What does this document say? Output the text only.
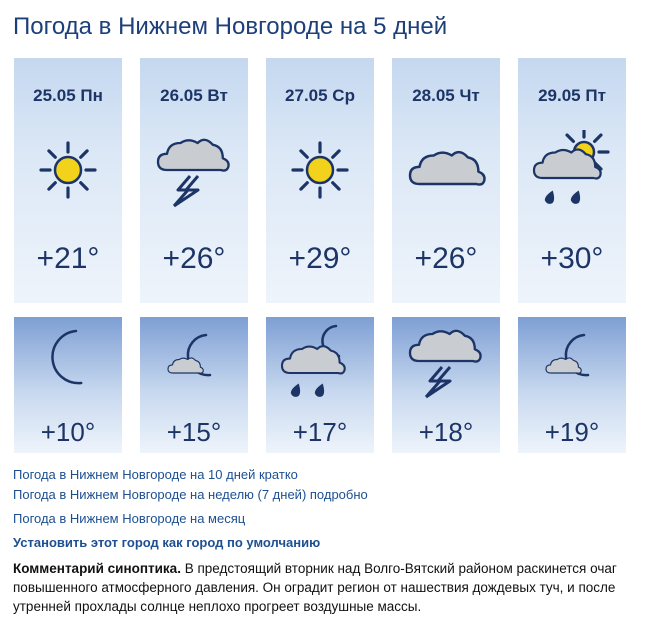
Погода в Нижнем Новгороде на 5 дней
25.05 Пн
+21°
+10°
26.05 Вт
+26°
+15°
27.05 Ср
+29°
+17°
28.05 Чт
+26°
+18°
29.05 Пт
+30°
+19°
Погода в Нижнем Новгороде на 10 дней кратко
Погода в Нижнем Новгороде на неделю (7 дней) подробно
Погода в Нижнем Новгороде на месяц
Установить этот город как город по умолчанию
Комментарий синоптика. В предстоящий вторник над Волго-Вятский районом раскинется очаг повышенного атмосферного давления. Он оградит регион от нашествия дождевых туч, и после утренней прохлады солнце неплохо прогреет воздушные массы.
